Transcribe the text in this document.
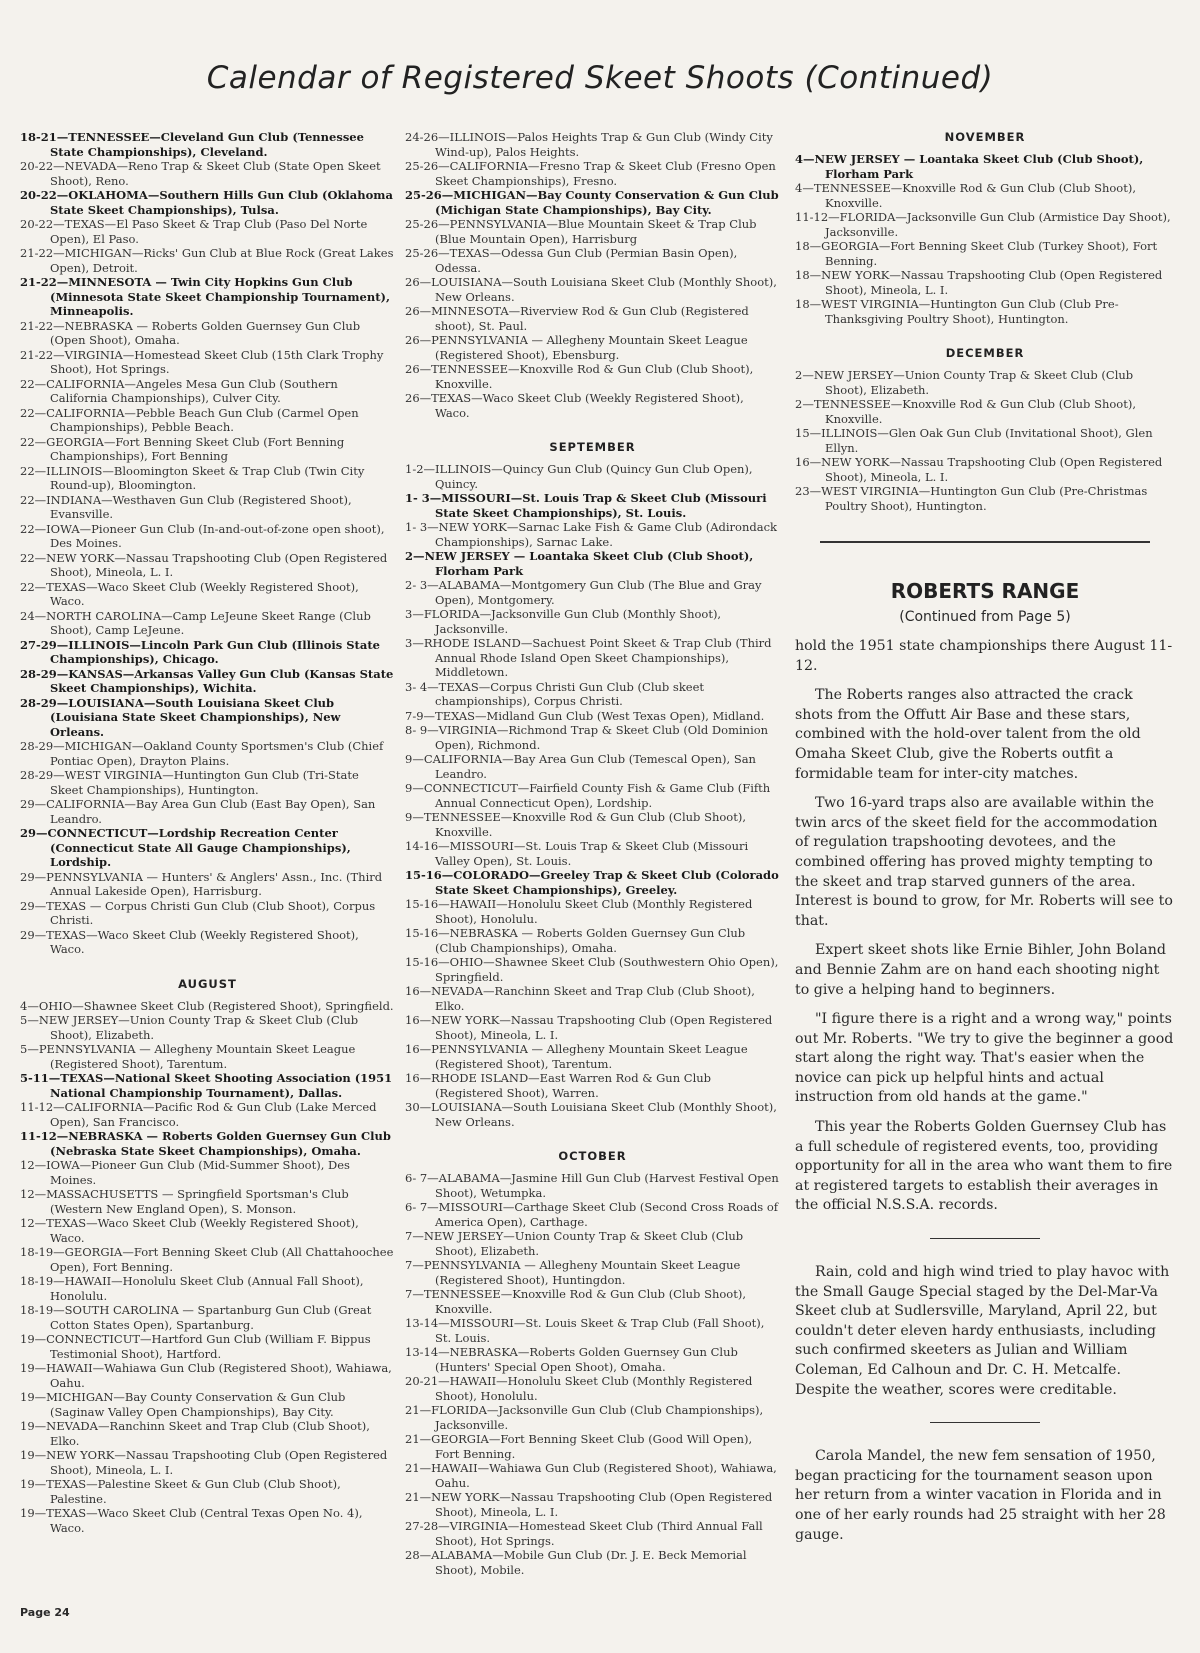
Calendar of Registered Skeet Shoots (Continued)
18-21—TENNESSEE—Cleveland Gun Club (Tennessee State Championships), Cleveland.
20-22—NEVADA—Reno Trap & Skeet Club (State Open Skeet Shoot), Reno.
20-22—OKLAHOMA—Southern Hills Gun Club (Oklahoma State Skeet Championships), Tulsa.
20-22—TEXAS—El Paso Skeet & Trap Club (Paso Del Norte Open), El Paso.
21-22—MICHIGAN—Ricks' Gun Club at Blue Rock (Great Lakes Open), Detroit.
21-22—MINNESOTA — Twin City Hopkins Gun Club (Minnesota State Skeet Championship Tournament), Minneapolis.
21-22—NEBRASKA — Roberts Golden Guernsey Gun Club (Open Shoot), Omaha.
21-22—VIRGINIA—Homestead Skeet Club (15th Clark Trophy Shoot), Hot Springs.
22—CALIFORNIA—Angeles Mesa Gun Club (Southern California Championships), Culver City.
22—CALIFORNIA—Pebble Beach Gun Club (Carmel Open Championships), Pebble Beach.
22—GEORGIA—Fort Benning Skeet Club (Fort Benning Championships), Fort Benning
22—ILLINOIS—Bloomington Skeet & Trap Club (Twin City Round-up), Bloomington.
22—INDIANA—Westhaven Gun Club (Registered Shoot), Evansville.
22—IOWA—Pioneer Gun Club (In-and-out-of-zone open shoot), Des Moines.
22—NEW YORK—Nassau Trapshooting Club (Open Registered Shoot), Mineola, L. I.
22—TEXAS—Waco Skeet Club (Weekly Registered Shoot), Waco.
24—NORTH CAROLINA—Camp LeJeune Skeet Range (Club Shoot), Camp LeJeune.
27-29—ILLINOIS—Lincoln Park Gun Club (Illinois State Championships), Chicago.
28-29—KANSAS—Arkansas Valley Gun Club (Kansas State Skeet Championships), Wichita.
28-29—LOUISIANA—South Louisiana Skeet Club (Louisiana State Skeet Championships), New Orleans.
28-29—MICHIGAN—Oakland County Sportsmen's Club (Chief Pontiac Open), Drayton Plains.
28-29—WEST VIRGINIA—Huntington Gun Club (Tri-State Skeet Championships), Huntington.
29—CALIFORNIA—Bay Area Gun Club (East Bay Open), San Leandro.
29—CONNECTICUT—Lordship Recreation Center (Connecticut State All Gauge Championships), Lordship.
29—PENNSYLVANIA — Hunters' & Anglers' Assn., Inc. (Third Annual Lakeside Open), Harrisburg.
29—TEXAS — Corpus Christi Gun Club (Club Shoot), Corpus Christi.
29—TEXAS—Waco Skeet Club (Weekly Registered Shoot), Waco.
AUGUST
4—OHIO—Shawnee Skeet Club (Registered Shoot), Springfield.
5—NEW JERSEY—Union County Trap & Skeet Club (Club Shoot), Elizabeth.
5—PENNSYLVANIA — Allegheny Mountain Skeet League (Registered Shoot), Tarentum.
5-11—TEXAS—National Skeet Shooting Association (1951 National Championship Tournament), Dallas.
11-12—CALIFORNIA—Pacific Rod & Gun Club (Lake Merced Open), San Francisco.
11-12—NEBRASKA — Roberts Golden Guernsey Gun Club (Nebraska State Skeet Championships), Omaha.
12—IOWA—Pioneer Gun Club (Mid-Summer Shoot), Des Moines.
12—MASSACHUSETTS — Springfield Sportsman's Club (Western New England Open), S. Monson.
12—TEXAS—Waco Skeet Club (Weekly Registered Shoot), Waco.
18-19—GEORGIA—Fort Benning Skeet Club (All Chattahoochee Open), Fort Benning.
18-19—HAWAII—Honolulu Skeet Club (Annual Fall Shoot), Honolulu.
18-19—SOUTH CAROLINA — Spartanburg Gun Club (Great Cotton States Open), Spartanburg.
19—CONNECTICUT—Hartford Gun Club (William F. Bippus Testimonial Shoot), Hartford.
19—HAWAII—Wahiawa Gun Club (Registered Shoot), Wahiawa, Oahu.
19—MICHIGAN—Bay County Conservation & Gun Club (Saginaw Valley Open Championships), Bay City.
19—NEVADA—Ranchinn Skeet and Trap Club (Club Shoot), Elko.
19—NEW YORK—Nassau Trapshooting Club (Open Registered Shoot), Mineola, L. I.
19—TEXAS—Palestine Skeet & Gun Club (Club Shoot), Palestine.
19—TEXAS—Waco Skeet Club (Central Texas Open No. 4), Waco.
24-26—ILLINOIS—Palos Heights Trap & Gun Club (Windy City Wind-up), Palos Heights.
25-26—CALIFORNIA—Fresno Trap & Skeet Club (Fresno Open Skeet Championships), Fresno.
25-26—MICHIGAN—Bay County Conservation & Gun Club (Michigan State Championships), Bay City.
25-26—PENNSYLVANIA—Blue Mountain Skeet & Trap Club (Blue Mountain Open), Harrisburg
25-26—TEXAS—Odessa Gun Club (Permian Basin Open), Odessa.
26—LOUISIANA—South Louisiana Skeet Club (Monthly Shoot), New Orleans.
26—MINNESOTA—Riverview Rod & Gun Club (Registered shoot), St. Paul.
26—PENNSYLVANIA — Allegheny Mountain Skeet League (Registered Shoot), Ebensburg.
26—TENNESSEE—Knoxville Rod & Gun Club (Club Shoot), Knoxville.
26—TEXAS—Waco Skeet Club (Weekly Registered Shoot), Waco.
SEPTEMBER
1-2—ILLINOIS—Quincy Gun Club (Quincy Gun Club Open), Quincy.
1- 3—MISSOURI—St. Louis Trap & Skeet Club (Missouri State Skeet Championships), St. Louis.
1- 3—NEW YORK—Sarnac Lake Fish & Game Club (Adirondack Championships), Sarnac Lake.
2—NEW JERSEY — Loantaka Skeet Club (Club Shoot), Florham Park
2- 3—ALABAMA—Montgomery Gun Club (The Blue and Gray Open), Montgomery.
3—FLORIDA—Jacksonville Gun Club (Monthly Shoot), Jacksonville.
3—RHODE ISLAND—Sachuest Point Skeet & Trap Club (Third Annual Rhode Island Open Skeet Championships), Middletown.
3- 4—TEXAS—Corpus Christi Gun Club (Club skeet championships), Corpus Christi.
7-9—TEXAS—Midland Gun Club (West Texas Open), Midland.
8- 9—VIRGINIA—Richmond Trap & Skeet Club (Old Dominion Open), Richmond.
9—CALIFORNIA—Bay Area Gun Club (Temescal Open), San Leandro.
9—CONNECTICUT—Fairfield County Fish & Game Club (Fifth Annual Connecticut Open), Lordship.
9—TENNESSEE—Knoxville Rod & Gun Club (Club Shoot), Knoxville.
14-16—MISSOURI—St. Louis Trap & Skeet Club (Missouri Valley Open), St. Louis.
15-16—COLORADO—Greeley Trap & Skeet Club (Colorado State Skeet Championships), Greeley.
15-16—HAWAII—Honolulu Skeet Club (Monthly Registered Shoot), Honolulu.
15-16—NEBRASKA — Roberts Golden Guernsey Gun Club (Club Championships), Omaha.
15-16—OHIO—Shawnee Skeet Club (Southwestern Ohio Open), Springfield.
16—NEVADA—Ranchinn Skeet and Trap Club (Club Shoot), Elko.
16—NEW YORK—Nassau Trapshooting Club (Open Registered Shoot), Mineola, L. I.
16—PENNSYLVANIA — Allegheny Mountain Skeet League (Registered Shoot), Tarentum.
16—RHODE ISLAND—East Warren Rod & Gun Club (Registered Shoot), Warren.
30—LOUISIANA—South Louisiana Skeet Club (Monthly Shoot), New Orleans.
OCTOBER
6- 7—ALABAMA—Jasmine Hill Gun Club (Harvest Festival Open Shoot), Wetumpka.
6- 7—MISSOURI—Carthage Skeet Club (Second Cross Roads of America Open), Carthage.
7—NEW JERSEY—Union County Trap & Skeet Club (Club Shoot), Elizabeth.
7—PENNSYLVANIA — Allegheny Mountain Skeet League (Registered Shoot), Huntingdon.
7—TENNESSEE—Knoxville Rod & Gun Club (Club Shoot), Knoxville.
13-14—MISSOURI—St. Louis Skeet & Trap Club (Fall Shoot), St. Louis.
13-14—NEBRASKA—Roberts Golden Guernsey Gun Club (Hunters' Special Open Shoot), Omaha.
20-21—HAWAII—Honolulu Skeet Club (Monthly Registered Shoot), Honolulu.
21—FLORIDA—Jacksonville Gun Club (Club Championships), Jacksonville.
21—GEORGIA—Fort Benning Skeet Club (Good Will Open), Fort Benning.
21—HAWAII—Wahiawa Gun Club (Registered Shoot), Wahiawa, Oahu.
21—NEW YORK—Nassau Trapshooting Club (Open Registered Shoot), Mineola, L. I.
27-28—VIRGINIA—Homestead Skeet Club (Third Annual Fall Shoot), Hot Springs.
28—ALABAMA—Mobile Gun Club (Dr. J. E. Beck Memorial Shoot), Mobile.
NOVEMBER
4—NEW JERSEY — Loantaka Skeet Club (Club Shoot), Florham Park
4—TENNESSEE—Knoxville Rod & Gun Club (Club Shoot), Knoxville.
11-12—FLORIDA—Jacksonville Gun Club (Armistice Day Shoot), Jacksonville.
18—GEORGIA—Fort Benning Skeet Club (Turkey Shoot), Fort Benning.
18—NEW YORK—Nassau Trapshooting Club (Open Registered Shoot), Mineola, L. I.
18—WEST VIRGINIA—Huntington Gun Club (Club Pre-Thanksgiving Poultry Shoot), Huntington.
DECEMBER
2—NEW JERSEY—Union County Trap & Skeet Club (Club Shoot), Elizabeth.
2—TENNESSEE—Knoxville Rod & Gun Club (Club Shoot), Knoxville.
15—ILLINOIS—Glen Oak Gun Club (Invitational Shoot), Glen Ellyn.
16—NEW YORK—Nassau Trapshooting Club (Open Registered Shoot), Mineola, L. I.
23—WEST VIRGINIA—Huntington Gun Club (Pre-Christmas Poultry Shoot), Huntington.
ROBERTS RANGE
(Continued from Page 5)

hold the 1951 state championships there August 11-12.

The Roberts ranges also attracted the crack shots from the Offutt Air Base and these stars, combined with the hold-over talent from the old Omaha Skeet Club, give the Roberts outfit a formidable team for inter-city matches.

Two 16-yard traps also are available within the twin arcs of the skeet field for the accommodation of regulation trapshooting devotees, and the combined offering has proved mighty tempting to the skeet and trap starved gunners of the area. Interest is bound to grow, for Mr. Roberts will see to that.

Expert skeet shots like Ernie Bihler, John Boland and Bennie Zahm are on hand each shooting night to give a helping hand to beginners.

"I figure there is a right and a wrong way," points out Mr. Roberts. "We try to give the beginner a good start along the right way. That's easier when the novice can pick up helpful hints and actual instruction from old hands at the game."

This year the Roberts Golden Guernsey Club has a full schedule of registered events, too, providing opportunity for all in the area who want them to fire at registered targets to establish their averages in the official N.S.S.A. records.

Rain, cold and high wind tried to play havoc with the Small Gauge Special staged by the Del-Mar-Va Skeet club at Sudlersville, Maryland, April 22, but couldn't deter eleven hardy enthusiasts, including such confirmed skeeters as Julian and William Coleman, Ed Calhoun and Dr. C. H. Metcalfe. Despite the weather, scores were creditable.

Carola Mandel, the new fem sensation of 1950, began practicing for the tournament season upon her return from a winter vacation in Florida and in one of her early rounds had 25 straight with her 28 gauge.

Page 24
